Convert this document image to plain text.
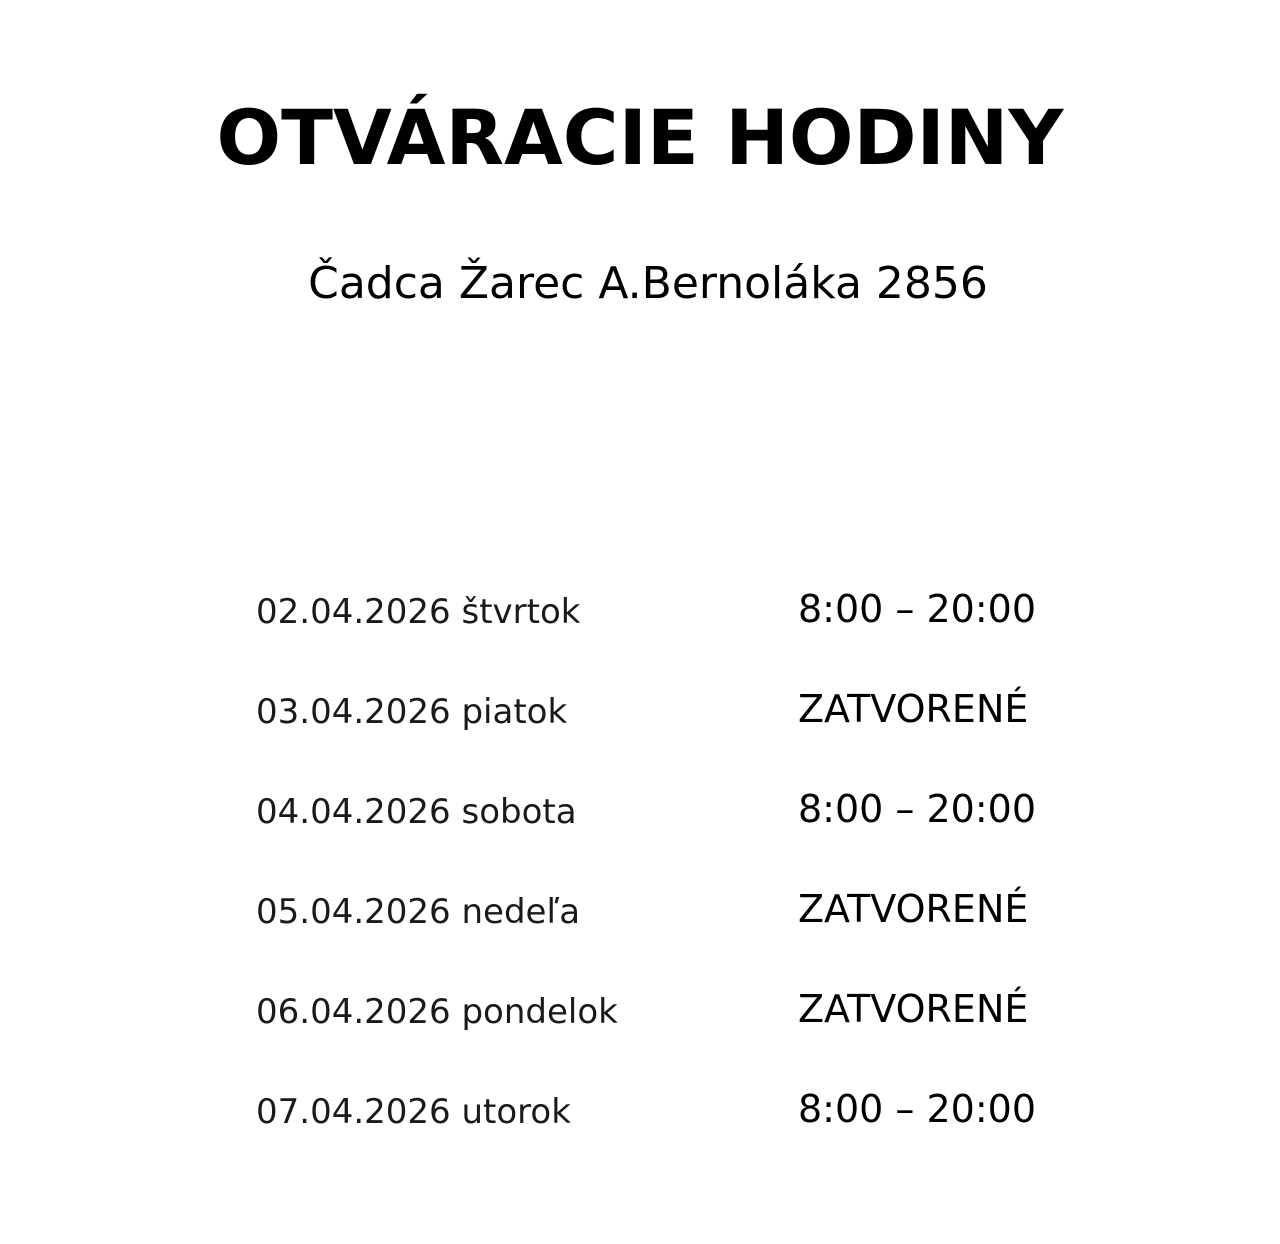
OTVÁRACIE HODINY

Čadca Žarec A.Bernoláka 2856

02.04.2026 štvrtok	8:00 – 20:00
03.04.2026 piatok	ZATVORENÉ
04.04.2026 sobota	8:00 – 20:00
05.04.2026 nedeľa	ZATVORENÉ
06.04.2026 pondelok	ZATVORENÉ
07.04.2026 utorok	8:00 – 20:00
